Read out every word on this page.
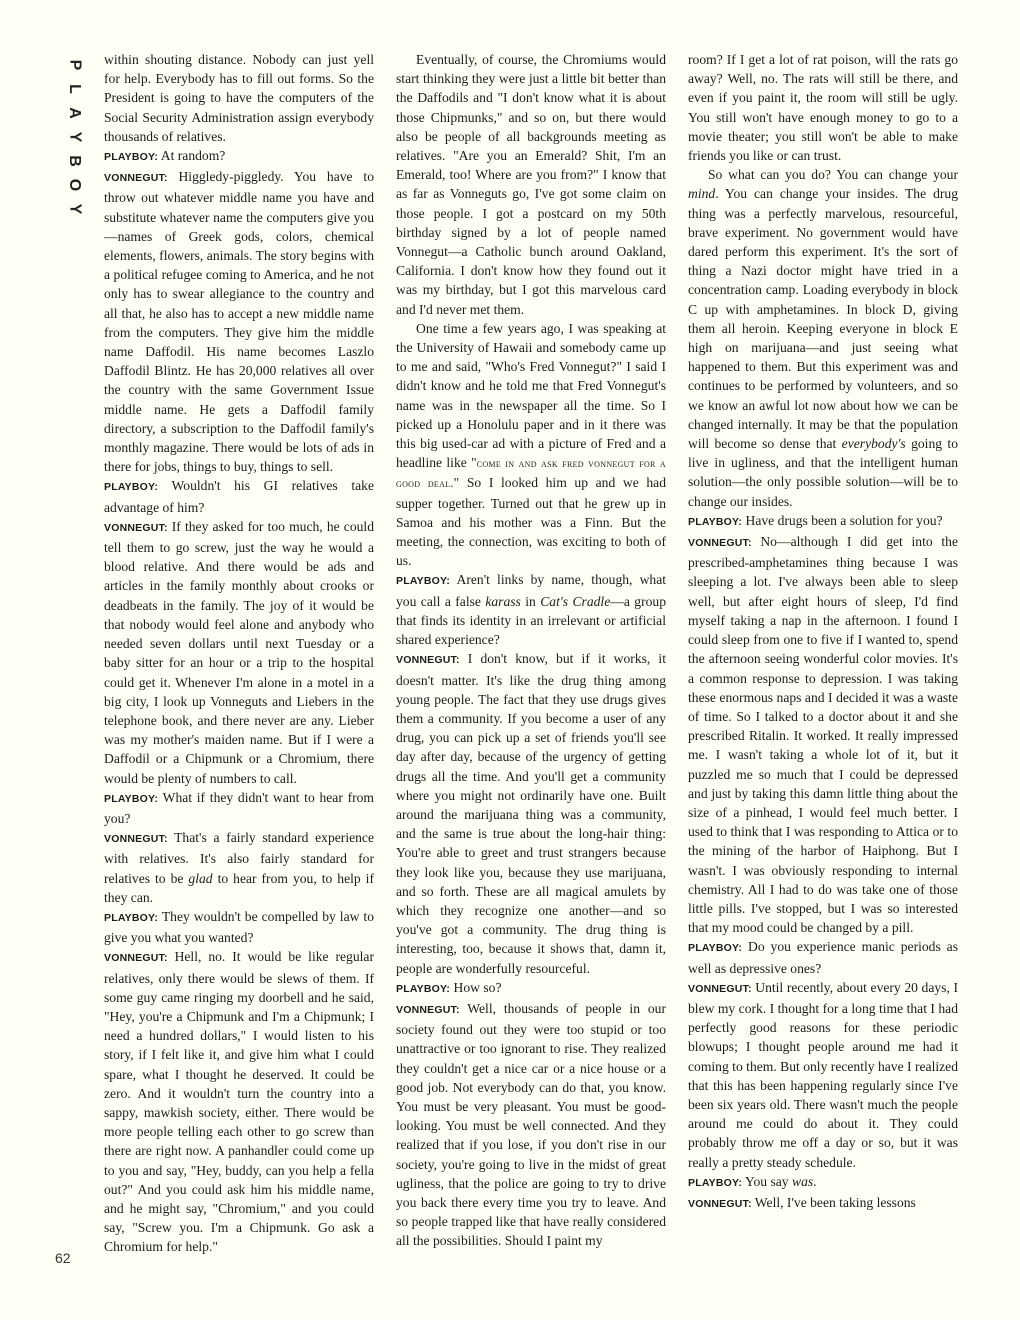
P
L
A
Y
B
O
Y
62

within shouting distance. Nobody can just yell for help. Everybody has to fill out forms. So the President is going to have the computers of the Social Security Administration assign everybody thousands of relatives.

PLAYBOY: At random?

VONNEGUT: Higgledy-piggledy. You have to throw out whatever middle name you have and substitute whatever name the computers give you—names of Greek gods, colors, chemical elements, flowers, animals. The story begins with a political refugee coming to America, and he not only has to swear allegiance to the country and all that, he also has to accept a new middle name from the computers. They give him the middle name Daffodil. His name becomes Laszlo Daffodil Blintz. He has 20,000 relatives all over the country with the same Government Issue middle name. He gets a Daffodil family directory, a subscription to the Daffodil family's monthly magazine. There would be lots of ads in there for jobs, things to buy, things to sell.

PLAYBOY: Wouldn't his GI relatives take advantage of him?

VONNEGUT: If they asked for too much, he could tell them to go screw, just the way he would a blood relative. And there would be ads and articles in the family monthly about crooks or deadbeats in the family. The joy of it would be that nobody would feel alone and anybody who needed seven dollars until next Tuesday or a baby sitter for an hour or a trip to the hospital could get it. Whenever I'm alone in a motel in a big city, I look up Vonneguts and Liebers in the telephone book, and there never are any. Lieber was my mother's maiden name. But if I were a Daffodil or a Chipmunk or a Chromium, there would be plenty of numbers to call.

PLAYBOY: What if they didn't want to hear from you?

VONNEGUT: That's a fairly standard experience with relatives. It's also fairly standard for relatives to be glad to hear from you, to help if they can.

PLAYBOY: They wouldn't be compelled by law to give you what you wanted?

VONNEGUT: Hell, no. It would be like regular relatives, only there would be slews of them. If some guy came ringing my doorbell and he said, "Hey, you're a Chipmunk and I'm a Chipmunk; I need a hundred dollars," I would listen to his story, if I felt like it, and give him what I could spare, what I thought he deserved. It could be zero. And it wouldn't turn the country into a sappy, mawkish society, either. There would be more people telling each other to go screw than there are right now. A panhandler could come up to you and say, "Hey, buddy, can you help a fella out?" And you could ask him his middle name, and he might say, "Chromium," and you could say, "Screw you. I'm a Chipmunk. Go ask a Chromium for help."

Eventually, of course, the Chromiums would start thinking they were just a little bit better than the Daffodils and "I don't know what it is about those Chipmunks," and so on, but there would also be people of all backgrounds meeting as relatives. "Are you an Emerald? Shit, I'm an Emerald, too! Where are you from?" I know that as far as Vonneguts go, I've got some claim on those people. I got a postcard on my 50th birthday signed by a lot of people named Vonnegut—a Catholic bunch around Oakland, California. I don't know how they found out it was my birthday, but I got this marvelous card and I'd never met them.

One time a few years ago, I was speaking at the University of Hawaii and somebody came up to me and said, "Who's Fred Vonnegut?" I said I didn't know and he told me that Fred Vonnegut's name was in the newspaper all the time. So I picked up a Honolulu paper and in it there was this big used-car ad with a picture of Fred and a headline like "come in and ask fred vonnegut for a good deal." So I looked him up and we had supper together. Turned out that he grew up in Samoa and his mother was a Finn. But the meeting, the connection, was exciting to both of us.

PLAYBOY: Aren't links by name, though, what you call a false karass in Cat's Cradle—a group that finds its identity in an irrelevant or artificial shared experience?

VONNEGUT: I don't know, but if it works, it doesn't matter. It's like the drug thing among young people. The fact that they use drugs gives them a community. If you become a user of any drug, you can pick up a set of friends you'll see day after day, because of the urgency of getting drugs all the time. And you'll get a community where you might not ordinarily have one. Built around the marijuana thing was a community, and the same is true about the long-hair thing: You're able to greet and trust strangers because they look like you, because they use marijuana, and so forth. These are all magical amulets by which they recognize one another—and so you've got a community. The drug thing is interesting, too, because it shows that, damn it, people are wonderfully resourceful.

PLAYBOY: How so?

VONNEGUT: Well, thousands of people in our society found out they were too stupid or too unattractive or too ignorant to rise. They realized they couldn't get a nice car or a nice house or a good job. Not everybody can do that, you know. You must be very pleasant. You must be good-looking. You must be well connected. And they realized that if you lose, if you don't rise in our society, you're going to live in the midst of great ugliness, that the police are going to try to drive you back there every time you try to leave. And so people trapped like that have really considered all the possibilities. Should I paint my

room? If I get a lot of rat poison, will the rats go away? Well, no. The rats will still be there, and even if you paint it, the room will still be ugly. You still won't have enough money to go to a movie theater; you still won't be able to make friends you like or can trust.

So what can you do? You can change your mind. You can change your insides. The drug thing was a perfectly marvelous, resourceful, brave experiment. No government would have dared perform this experiment. It's the sort of thing a Nazi doctor might have tried in a concentration camp. Loading everybody in block C up with amphetamines. In block D, giving them all heroin. Keeping everyone in block E high on marijuana—and just seeing what happened to them. But this experiment was and continues to be performed by volunteers, and so we know an awful lot now about how we can be changed internally. It may be that the population will become so dense that everybody's going to live in ugliness, and that the intelligent human solution—the only possible solution—will be to change our insides.

PLAYBOY: Have drugs been a solution for you?

VONNEGUT: No—although I did get into the prescribed-amphetamines thing because I was sleeping a lot. I've always been able to sleep well, but after eight hours of sleep, I'd find myself taking a nap in the afternoon. I found I could sleep from one to five if I wanted to, spend the afternoon seeing wonderful color movies. It's a common response to depression. I was taking these enormous naps and I decided it was a waste of time. So I talked to a doctor about it and she prescribed Ritalin. It worked. It really impressed me. I wasn't taking a whole lot of it, but it puzzled me so much that I could be depressed and just by taking this damn little thing about the size of a pinhead, I would feel much better. I used to think that I was responding to Attica or to the mining of the harbor of Haiphong. But I wasn't. I was obviously responding to internal chemistry. All I had to do was take one of those little pills. I've stopped, but I was so interested that my mood could be changed by a pill.

PLAYBOY: Do you experience manic periods as well as depressive ones?

VONNEGUT: Until recently, about every 20 days, I blew my cork. I thought for a long time that I had perfectly good reasons for these periodic blowups; I thought people around me had it coming to them. But only recently have I realized that this has been happening regularly since I've been six years old. There wasn't much the people around me could do about it. They could probably throw me off a day or so, but it was really a pretty steady schedule.

PLAYBOY: You say was.

VONNEGUT: Well, I've been taking lessons
